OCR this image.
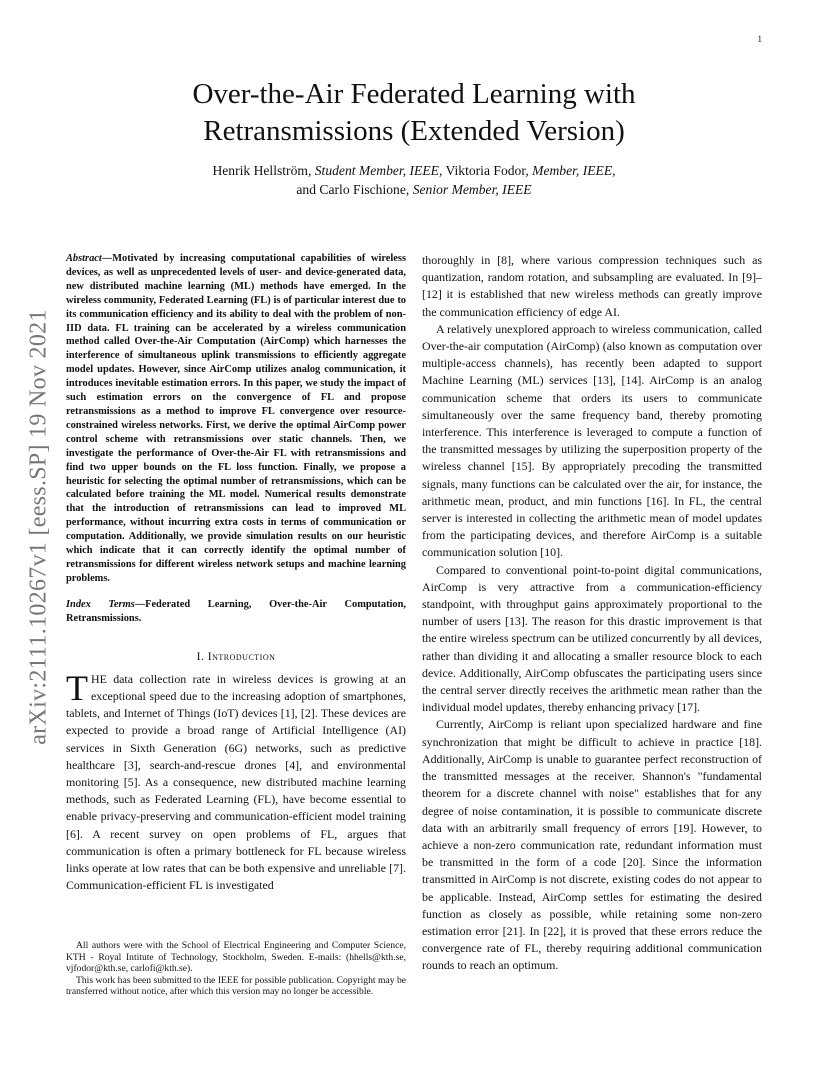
1
arXiv:2111.10267v1 [eess.SP] 19 Nov 2021
Over-the-Air Federated Learning with
Retransmissions (Extended Version)
Henrik Hellström, Student Member, IEEE, Viktoria Fodor, Member, IEEE,
and Carlo Fischione, Senior Member, IEEE
Abstract—Motivated by increasing computational capabilities of wireless devices, as well as unprecedented levels of user- and device-generated data, new distributed machine learning (ML) methods have emerged. In the wireless community, Federated Learning (FL) is of particular interest due to its communication efficiency and its ability to deal with the problem of non-IID data. FL training can be accelerated by a wireless communication method called Over-the-Air Computation (AirComp) which harnesses the interference of simultaneous uplink transmissions to efficiently aggregate model updates. However, since AirComp utilizes analog communication, it introduces inevitable estimation errors. In this paper, we study the impact of such estimation errors on the convergence of FL and propose retransmissions as a method to improve FL convergence over resource-constrained wireless networks. First, we derive the optimal AirComp power control scheme with retransmissions over static channels. Then, we investigate the performance of Over-the-Air FL with retransmissions and find two upper bounds on the FL loss function. Finally, we propose a heuristic for selecting the optimal number of retransmissions, which can be calculated before training the ML model. Numerical results demonstrate that the introduction of retransmissions can lead to improved ML performance, without incurring extra costs in terms of communication or computation. Additionally, we provide simulation results on our heuristic which indicate that it can correctly identify the optimal number of retransmissions for different wireless network setups and machine learning problems.
Index Terms—Federated Learning, Over-the-Air Computation, Retransmissions.
I. Introduction

THE data collection rate in wireless devices is growing at an exceptional speed due to the increasing adoption of smartphones, tablets, and Internet of Things (IoT) devices [1], [2]. These devices are expected to provide a broad range of Artificial Intelligence (AI) services in Sixth Generation (6G) networks, such as predictive healthcare [3], search-and-rescue drones [4], and environmental monitoring [5]. As a consequence, new distributed machine learning methods, such as Federated Learning (FL), have become essential to enable privacy-preserving and communication-efficient model training [6]. A recent survey on open problems of FL, argues that communication is often a primary bottleneck for FL because wireless links operate at low rates that can be both expensive and unreliable [7]. Communication-efficient FL is investigated

All authors were with the School of Electrical Engineering and Computer Science, KTH - Royal Intitute of Technology, Stockholm, Sweden. E-mails: (hhells@kth.se, vjfodor@kth.se, carlofi@kth.se).

This work has been submitted to the IEEE for possible publication. Copyright may be transferred without notice, after which this version may no longer be accessible.

thoroughly in [8], where various compression techniques such as quantization, random rotation, and subsampling are evaluated. In [9]–[12] it is established that new wireless methods can greatly improve the communication efficiency of edge AI.

A relatively unexplored approach to wireless communication, called Over-the-air computation (AirComp) (also known as computation over multiple-access channels), has recently been adapted to support Machine Learning (ML) services [13], [14]. AirComp is an analog communication scheme that orders its users to communicate simultaneously over the same frequency band, thereby promoting interference. This interference is leveraged to compute a function of the transmitted messages by utilizing the superposition property of the wireless channel [15]. By appropriately precoding the transmitted signals, many functions can be calculated over the air, for instance, the arithmetic mean, product, and min functions [16]. In FL, the central server is interested in collecting the arithmetic mean of model updates from the participating devices, and therefore AirComp is a suitable communication solution [10].

Compared to conventional point-to-point digital communications, AirComp is very attractive from a communication-efficiency standpoint, with throughput gains approximately proportional to the number of users [13]. The reason for this drastic improvement is that the entire wireless spectrum can be utilized concurrently by all devices, rather than dividing it and allocating a smaller resource block to each device. Additionally, AirComp obfuscates the participating users since the central server directly receives the arithmetic mean rather than the individual model updates, thereby enhancing privacy [17].

Currently, AirComp is reliant upon specialized hardware and fine synchronization that might be difficult to achieve in practice [18]. Additionally, AirComp is unable to guarantee perfect reconstruction of the transmitted messages at the receiver. Shannon's "fundamental theorem for a discrete channel with noise" establishes that for any degree of noise contamination, it is possible to communicate discrete data with an arbitrarily small frequency of errors [19]. However, to achieve a non-zero communication rate, redundant information must be transmitted in the form of a code [20]. Since the information transmitted in AirComp is not discrete, existing codes do not appear to be applicable. Instead, AirComp settles for estimating the desired function as closely as possible, while retaining some non-zero estimation error [21]. In [22], it is proved that these errors reduce the convergence rate of FL, thereby requiring additional communication rounds to reach an optimum.
